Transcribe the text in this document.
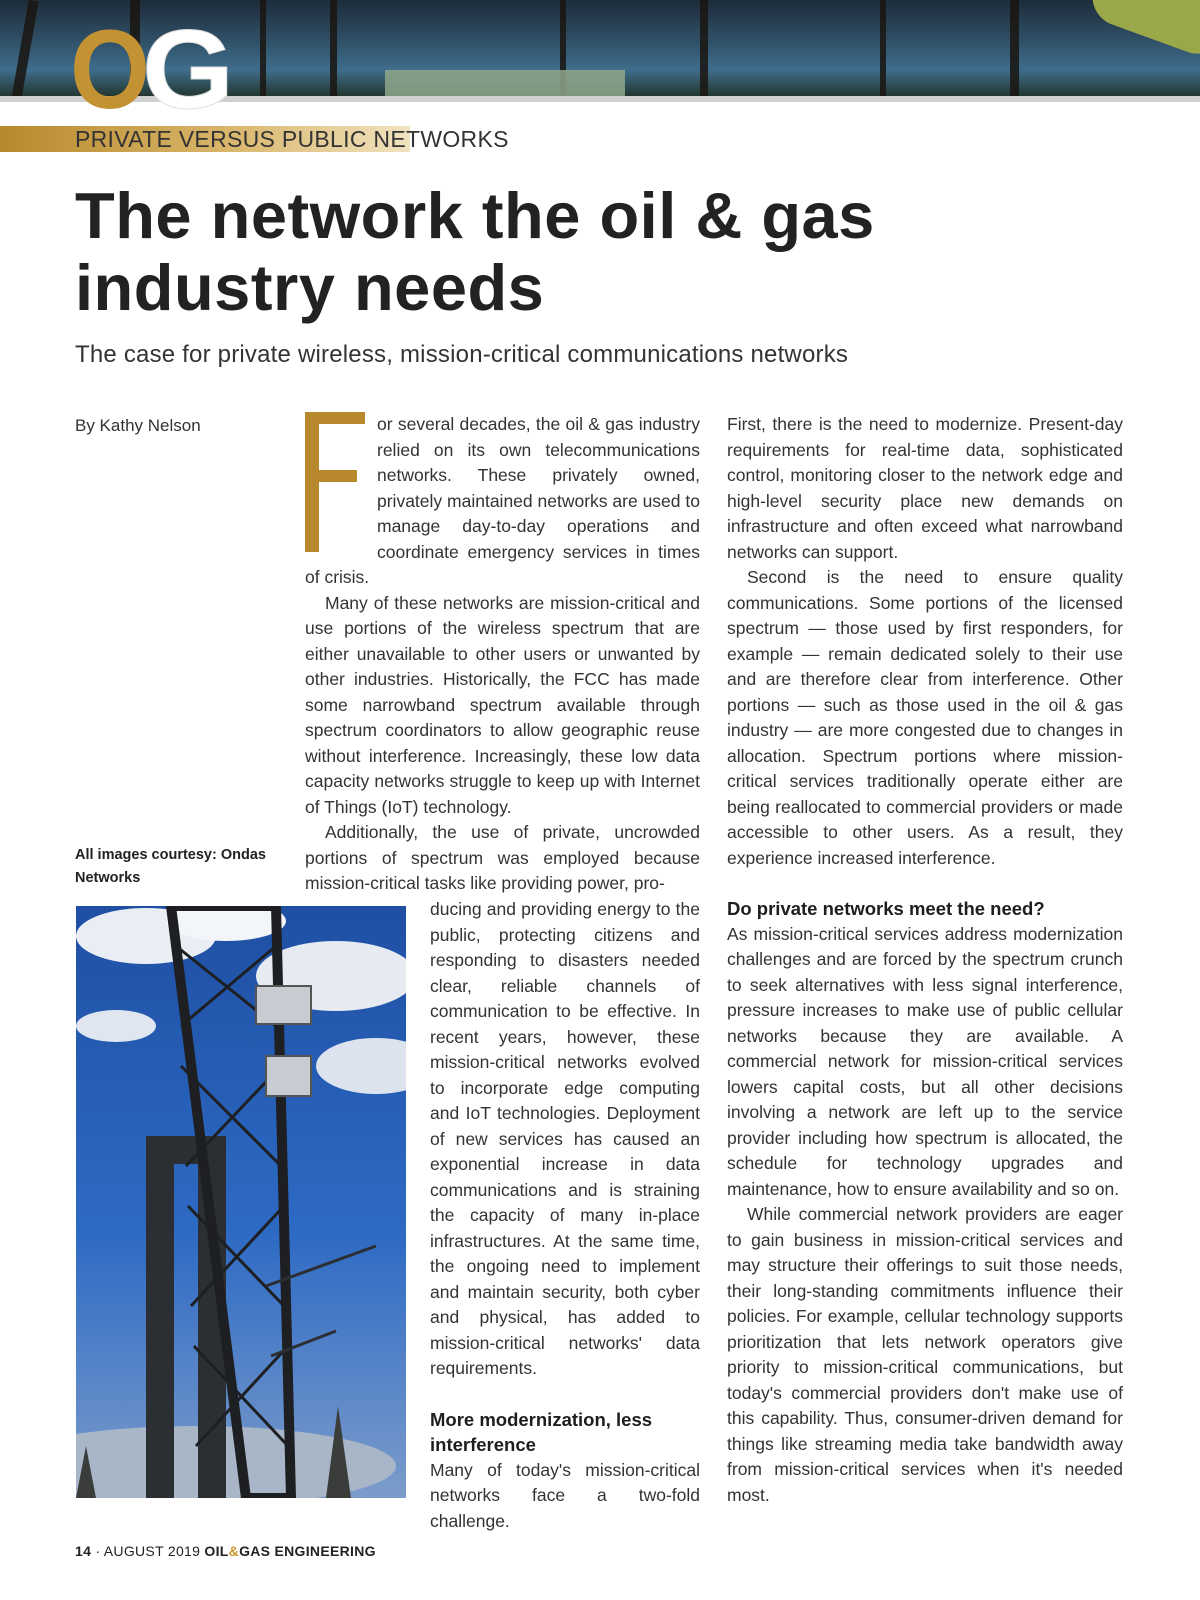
O
G
PRIVATE VERSUS PUBLIC NETWORKS
The network the oil & gas industry needs
The case for private wireless, mission-critical communications networks
By Kathy Nelson
All images courtesy: Ondas Networks

or several decades, the oil & gas industry relied on its own telecommunications networks. These privately owned, privately maintained networks are used to manage day-to-day operations and coordinate emergency services in times of crisis.

Many of these networks are mission-critical and use portions of the wireless spectrum that are either unavailable to other users or unwanted by other industries. Historically, the FCC has made some narrowband spectrum available through spectrum coordinators to allow geographic reuse without interference. Increasingly, these low data capacity networks struggle to keep up with Internet of Things (IoT) technology.

Additionally, the use of private, uncrowded portions of spectrum was employed because mission-critical tasks like providing power, pro-

ducing and providing energy to the public, protecting citizens and responding to disasters needed clear, reliable channels of communication to be effective. In recent years, however, these mission-critical networks evolved to incorporate edge computing and IoT technologies. Deployment of new services has caused an exponential increase in data communications and is straining the capacity of many in-place infrastructures. At the same time, the ongoing need to implement and maintain security, both cyber and physical, has added to mission-critical networks' data requirements.

More modernization, less interference

Many of today's mission-critical networks face a two-fold challenge.

First, there is the need to modernize. Present-day requirements for real-time data, sophisticated control, monitoring closer to the network edge and high-level security place new demands on infrastructure and often exceed what narrowband networks can support.

Second is the need to ensure quality communications. Some portions of the licensed spectrum — those used by first responders, for example — remain dedicated solely to their use and are therefore clear from interference. Other portions — such as those used in the oil & gas industry — are more congested due to changes in allocation. Spectrum portions where mission-critical services traditionally operate either are being reallocated to commercial providers or made accessible to other users. As a result, they experience increased interference.

Do private networks meet the need?

As mission-critical services address modernization challenges and are forced by the spectrum crunch to seek alternatives with less signal interference, pressure increases to make use of public cellular networks because they are available. A commercial network for mission-critical services lowers capital costs, but all other decisions involving a network are left up to the service provider including how spectrum is allocated, the schedule for technology upgrades and maintenance, how to ensure availability and so on.

While commercial network providers are eager to gain business in mission-critical services and may structure their offerings to suit those needs, their long-standing commitments influence their policies. For example, cellular technology supports prioritization that lets network operators give priority to mission-critical communications, but today's commercial providers don't make use of this capability. Thus, consumer-driven demand for things like streaming media take bandwidth away from mission-critical services when it's needed most.

14 · AUGUST 2019 OIL&GAS ENGINEERING
